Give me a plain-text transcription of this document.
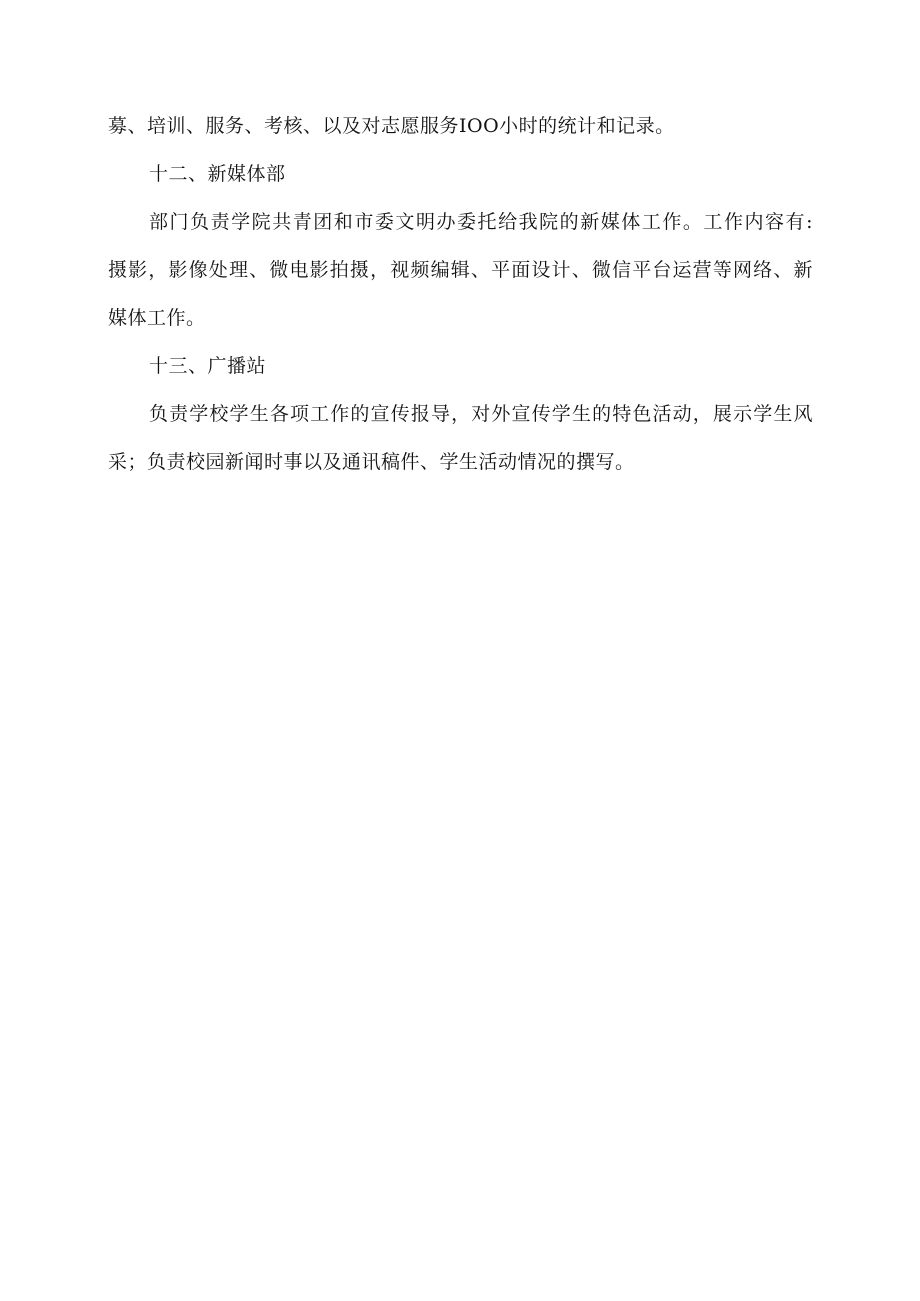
募、培训、服务、考核、以及对志愿服务IOO小时的统计和记录。
十二、新媒体部
部门负责学院共青团和市委文明办委托给我院的新媒体工作。工作内容有:
摄影，影像处理、微电影拍摄，视频编辑、平面设计、微信平台运营等网络、新
媒体工作。
十三、广播站
负责学校学生各项工作的宣传报导，对外宣传学生的特色活动，展示学生风
采；负责校园新闻时事以及通讯稿件、学生活动情况的撰写。
